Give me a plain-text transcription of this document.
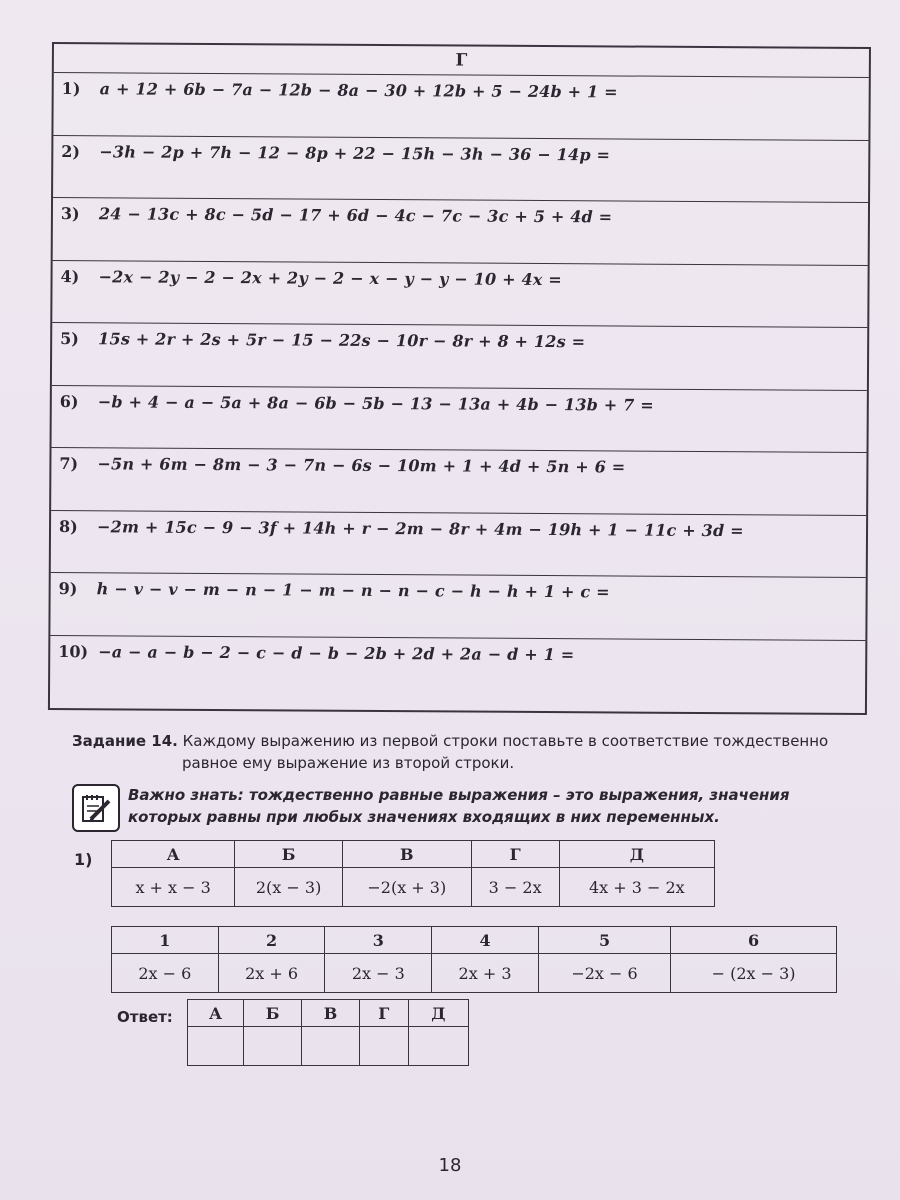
Г
1)	a + 12 + 6b − 7a − 12b − 8a − 30 + 12b + 5 − 24b + 1 =
2)	−3h − 2p + 7h − 12 − 8p + 22 − 15h − 3h − 36 − 14p =
3)	24 − 13c + 8c − 5d − 17 + 6d − 4c − 7c − 3c + 5 + 4d =
4)	−2x − 2y − 2 − 2x + 2y − 2 − x − y − y − 10 + 4x =
5)	15s + 2r + 2s + 5r − 15 − 22s − 10r − 8r + 8 + 12s =
6)	−b + 4 − a − 5a + 8a − 6b − 5b − 13 − 13a + 4b − 13b + 7 =
7)	−5n + 6m − 8m − 3 − 7n − 6s − 10m + 1 + 4d + 5n + 6 =
8)	−2m + 15c − 9 − 3f + 14h + r − 2m − 8r + 4m − 19h + 1 − 11c + 3d =
9)	h − v − v − m − n − 1 − m − n − n − c − h − h + 1 + c =
10) −a − a − b − 2 − c − d − b − 2b + 2d + 2a − d + 1 =
Задание 14. Каждому выражению из первой строки поставьте в соответствие тождественно
равное ему выражение из второй строки.
Важно знать: тождественно равные выражения – это выражения, значения
которых равны при любых значениях входящих в них переменных.
1)	А	Б	В	Г	Д
x + x − 3	2(x − 3)	−2(x + 3)	3 − 2x	4x + 3 − 2x
1	2	3	4	5	6
2x − 6	2x + 6	2x − 3	2x + 3	−2x − 6	− (2x − 3)
Ответ: А	Б	В	Г	Д

18
